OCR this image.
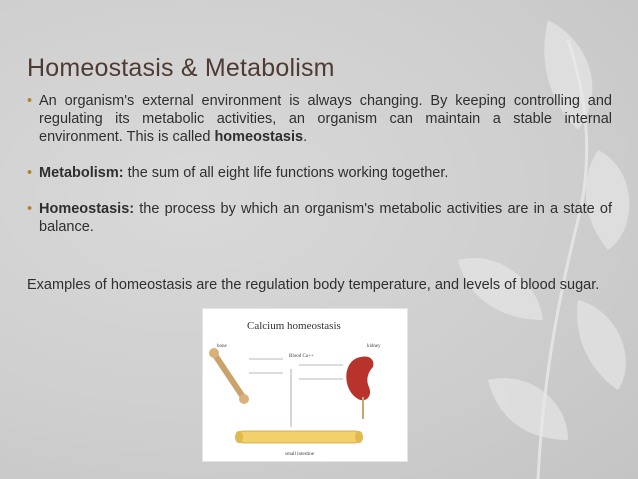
Homeostasis & Metabolism
• An organism's external environment is always changing. By keeping controlling and regulating its metabolic activities, an organism can maintain a stable internal environment. This is called homeostasis.
• Metabolism: the sum of all eight life functions working together.
• Homeostasis: the process by which an organism's metabolic activities are in a state of balance.
Examples of homeostasis are the regulation body temperature, and levels of blood sugar.
Calcium homeostasis
bone
Blood Ca++
kidney
small intestine
